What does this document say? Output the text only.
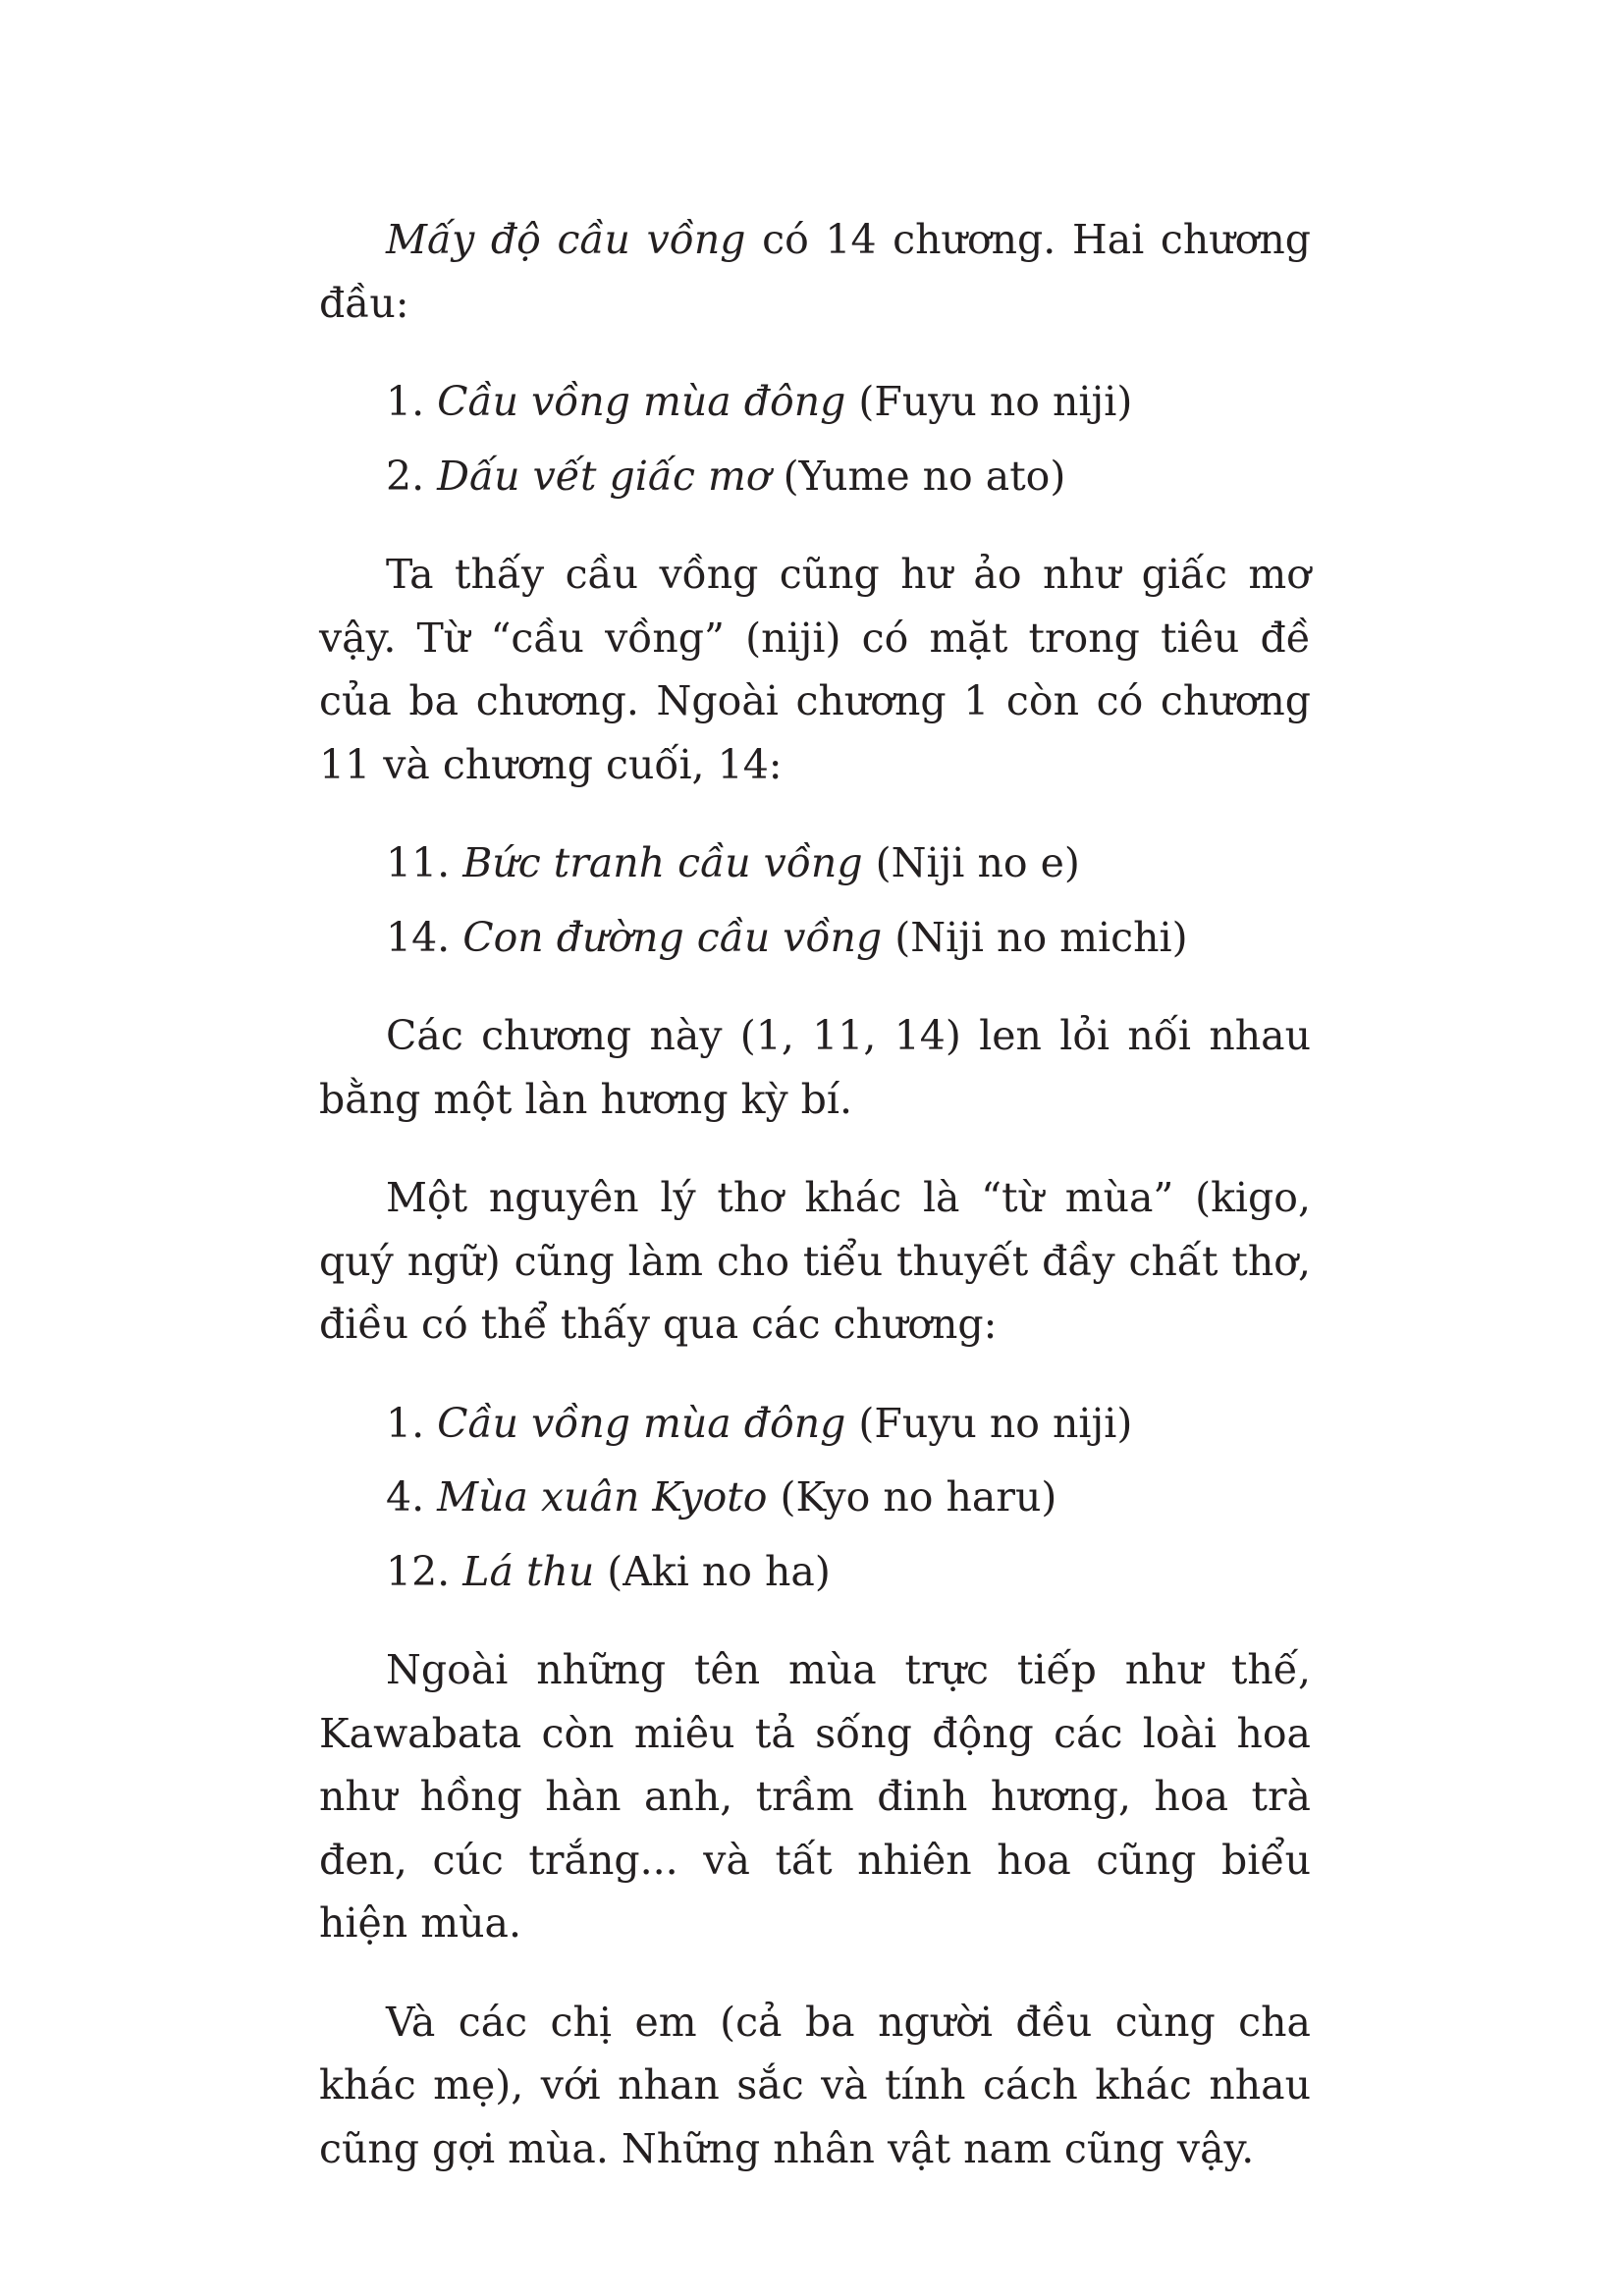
Mấy độ cầu vồng có 14 chương. Hai chương đầu:

1. Cầu vồng mùa đông (Fuyu no niji)

2. Dấu vết giấc mơ (Yume no ato)

Ta thấy cầu vồng cũng hư ảo như giấc mơ vậy. Từ “cầu vồng” (niji) có mặt trong tiêu đề của ba chương. Ngoài chương 1 còn có chương 11 và chương cuối, 14:

11. Bức tranh cầu vồng (Niji no e)

14. Con đường cầu vồng (Niji no michi)

Các chương này (1, 11, 14) len lỏi nối nhau bằng một làn hương kỳ bí.

Một nguyên lý thơ khác là “từ mùa” (kigo, quý ngữ) cũng làm cho tiểu thuyết đầy chất thơ, điều có thể thấy qua các chương:

1. Cầu vồng mùa đông (Fuyu no niji)

4. Mùa xuân Kyoto (Kyo no haru)

12. Lá thu (Aki no ha)

Ngoài những tên mùa trực tiếp như thế, Kawabata còn miêu tả sống động các loài hoa như hồng hàn anh, trầm đinh hương, hoa trà đen, cúc trắng... và tất nhiên hoa cũng biểu hiện mùa.

Và các chị em (cả ba người đều cùng cha khác mẹ), với nhan sắc và tính cách khác nhau cũng gợi mùa. Những nhân vật nam cũng vậy.
